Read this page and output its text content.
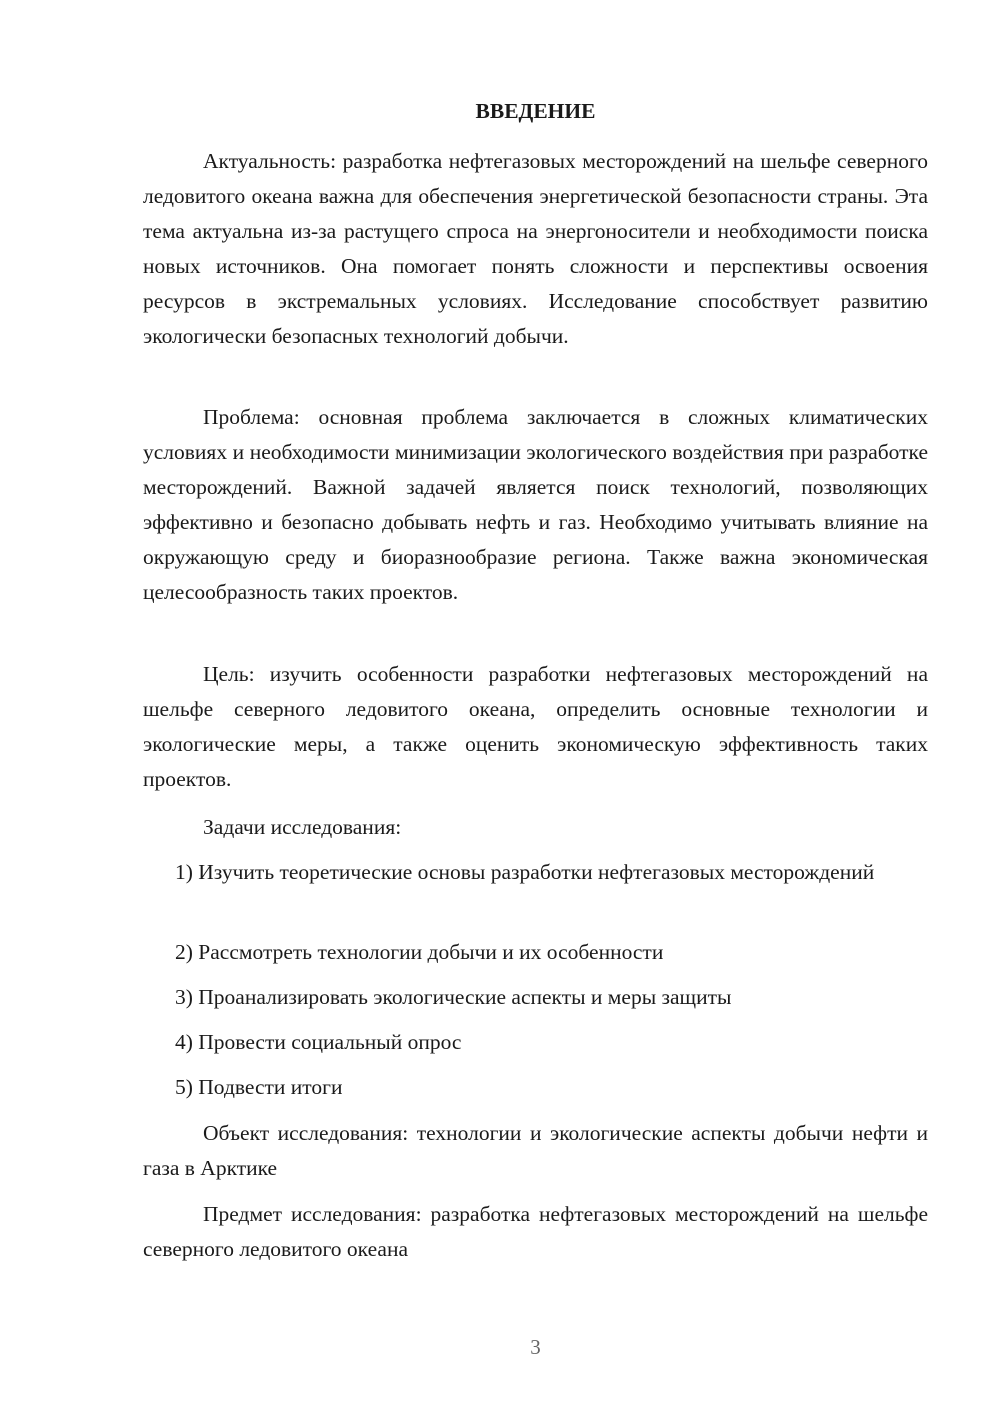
ВВЕДЕНИЕ

Актуальность: разработка нефтегазовых месторождений на шельфе северного ледовитого океана важна для обеспечения энергетической безопасности страны. Эта тема актуальна из-за растущего спроса на энергоносители и необходимости поиска новых источников. Она помогает понять сложности и перспективы освоения ресурсов в экстремальных условиях. Исследование способствует развитию экологически безопасных технологий добычи.

Проблема: основная проблема заключается в сложных климатических условиях и необходимости минимизации экологического воздействия при разработке месторождений. Важной задачей является поиск технологий, позволяющих эффективно и безопасно добывать нефть и газ. Необходимо учитывать влияние на окружающую среду и биоразнообразие региона. Также важна экономическая целесообразность таких проектов.

Цель: изучить особенности разработки нефтегазовых месторождений на шельфе северного ледовитого океана, определить основные технологии и экологические меры, а также оценить экономическую эффективность таких проектов.

Задачи исследования:

1) Изучить теоретические основы разработки нефтегазовых месторождений

2) Рассмотреть технологии добычи и их особенности

3) Проанализировать экологические аспекты и меры защиты

4) Провести социальный опрос

5) Подвести итоги

Объект исследования: технологии и экологические аспекты добычи нефти и газа в Арктике

Предмет исследования: разработка нефтегазовых месторождений на шельфе северного ледовитого океана

3
